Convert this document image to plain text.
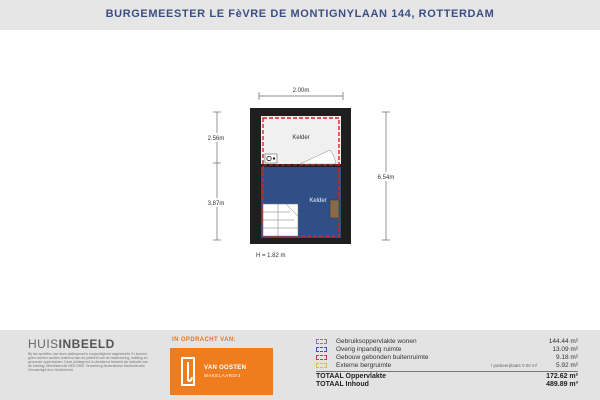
BURGEMEESTER LE FèVRE DE MONTIGNYLAAN 144, ROTTERDAM
2.00m
2.56m
3.87m
6.54m
Kelder
Kelder
H = 1.82 m
HUISINBEELD
Bij het opstellen van deze plattegrond is zorgvuldigheid nagestreefd. Er kunnen geen rechten worden ontleend aan de juistheid van de maatvoering, indeling en getoonde oppervlakten. Deze plattegrond is uitsluitend bedoeld als indicatie van de indeling. Meetinstructie NEN 2580. Verwerking Nederlandse Meetinstructie. Vervaardigd door Huisinbeeld.
IN OPDRACHT VAN:
VAN OOSTEN
MAKELAARDIJ
Gebruiksoppervlakte wonen	144.44 m²
Overig inpandig ruimte	13.09 m²
Gebouw gebonden buitenruimte	9.18 m²
Externe bergruimte	/ parkeerplaats 0.00 m²	5.92 m²
TOTAAL Oppervlakte	172.62 m²
TOTAAL Inhoud	489.89 m³
